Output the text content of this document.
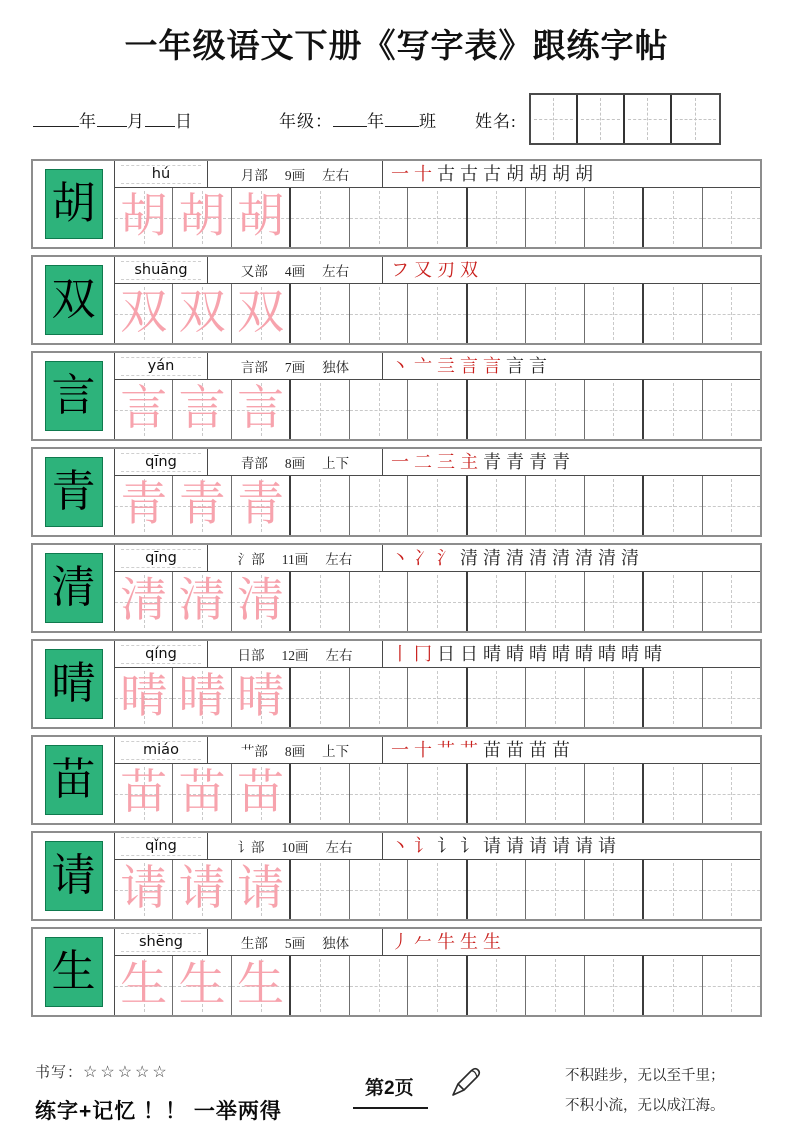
一年级语文下册《写字表》跟练字帖
年 月 日	年级： 年 班 姓名:
胡
hú	月部 9画 左右 一 十 古 古 古 胡 胡 胡 胡
胡 胡 胡
双
shuāng	又部 4画 左右 フ 又 刃 双
双 双 双
言
yán	言部 7画 独体 丶 亠 亖 言 言 言 言
言 言 言
青
qīng	青部 8画 上下 一 二 三 主 青 青 青 青
青 青 青
清
qīng	氵部 11画 左右 丶 冫 氵 清 清 清 清 清 清 清 清
清 清 清
晴
qíng	日部 12画 左右 丨 冂 日 日 晴 晴 晴 晴 晴 晴 晴 晴
晴 晴 晴
苗
miáo	艹部 8画 上下 一 十 艹 艹 苗 苗 苗 苗
苗 苗 苗
请
qǐng	讠部 10画 左右 丶 讠 讠 讠 请 请 请 请 请 请
请 请 请
生
shēng	生部 5画 独体 丿 𠂉 牛 生 生
生 生 生
书写：☆☆☆☆☆
练字+记忆 ！！ 一举两得
第2页
不积跬步，无以至千里；
不积小流，无以成江海。
